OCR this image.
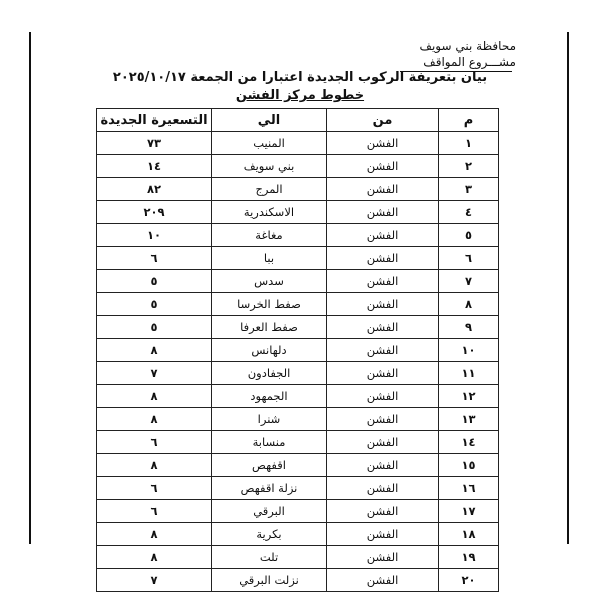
محافظة بني سويف
مشـــروع المواقف
بيان بتعريفة الركوب الجديدة اعتبارا من الجمعة ٢٠٢٥/١٠/١٧
خطوط مركز الفشن
م	من	الي	التسعيرة الجديدة
١	الفشن	المنيب	٧٣
٢	الفشن	بني سويف	١٤
٣	الفشن	المرج	٨٢
٤	الفشن	الاسكندرية	٢٠٩
٥	الفشن	مغاغة	١٠
٦	الفشن	ببا	٦
٧	الفشن	سدس	٥
٨	الفشن	صفط الخرسا	٥
٩	الفشن	صفط العرفا	٥
١٠	الفشن	دلهانس	٨
١١	الفشن	الجفادون	٧
١٢	الفشن	الجمهود	٨
١٣	الفشن	شنرا	٨
١٤	الفشن	منسابة	٦
١٥	الفشن	اقفهص	٨
١٦	الفشن	نزلة اقفهص	٦
١٧	الفشن	البرقي	٦
١٨	الفشن	بكرية	٨
١٩	الفشن	تلت	٨
٢٠	الفشن	نزلت البرقي	٧
